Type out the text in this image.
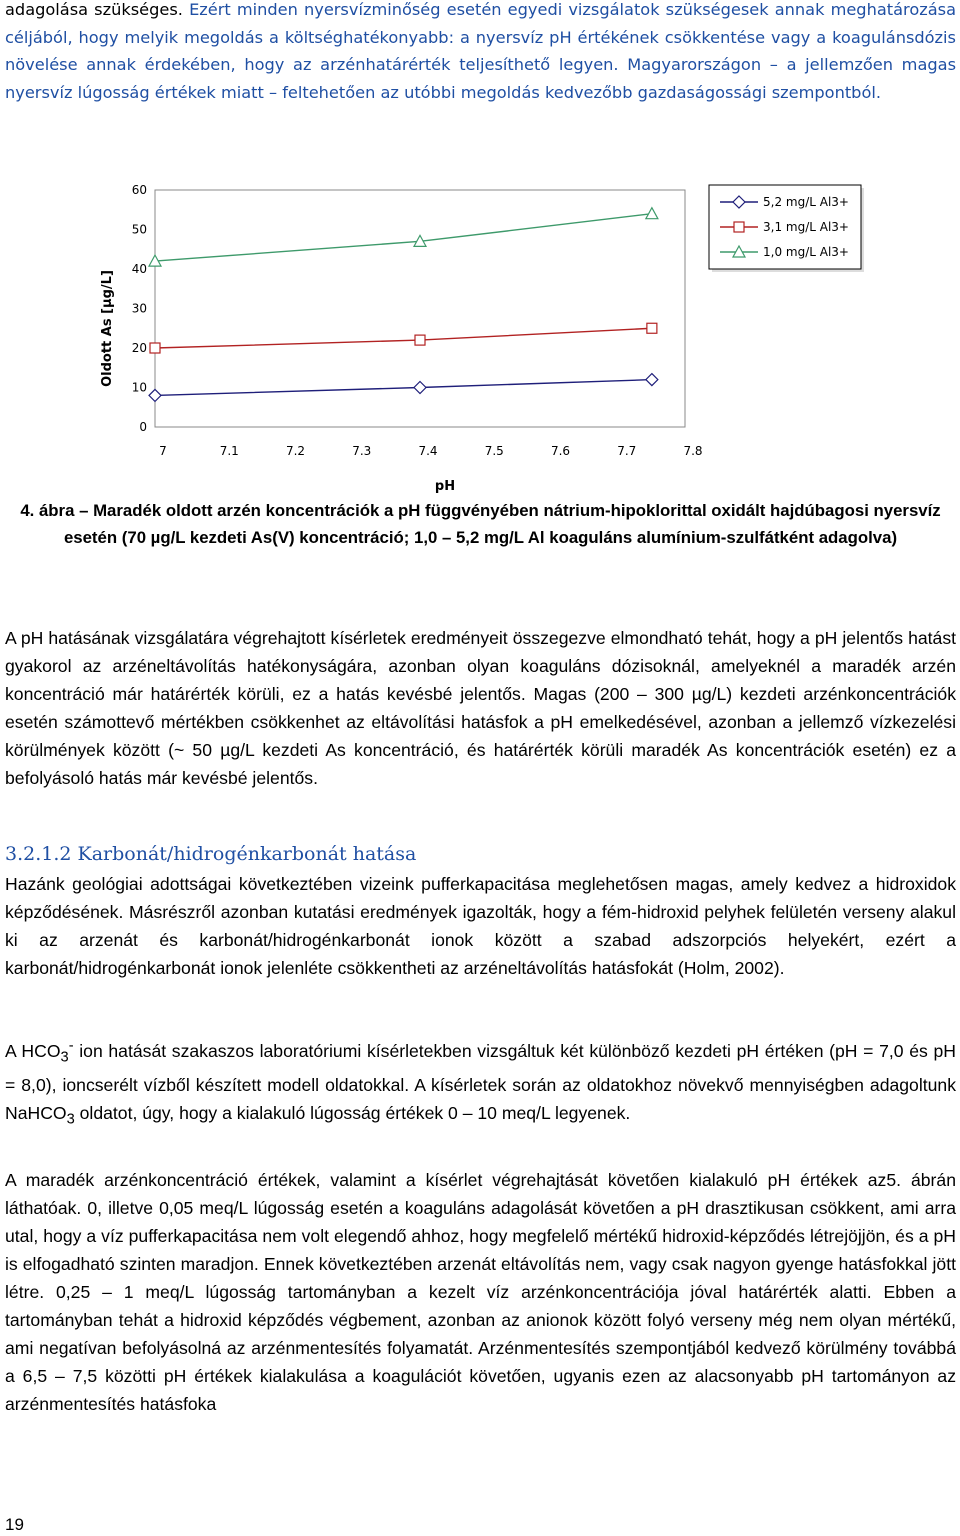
adagolása szükséges. Ezért minden nyersvízminőség esetén egyedi vizsgálatok szükségesek annak meghatározása céljából, hogy melyik megoldás a költséghatékonyabb: a nyersvíz pH értékének csökkentése vagy a koagulánsdózis növelése annak érdekében, hogy az arzénhatárérték teljesíthető legyen. Magyarországon – a jellemzően magas nyersvíz lúgosság értékek miatt – feltehetően az utóbbi megoldás kedvezőbb gazdaságossági szempontból.

0
10
20
30
40
50
60
7	7.1	7.2	7.3	7.4	7.5	7.6	7.7	7.8
pH
Oldott As [µg/L]
5,2 mg/L Al3+
3,1 mg/L Al3+
1,0 mg/L Al3+

4. ábra – Maradék oldott arzén koncentrációk a pH függvényében nátrium-hipoklorittal oxidált hajdúbagosi nyersvíz esetén (70 µg/L kezdeti As(V) koncentráció; 1,0 – 5,2 mg/L Al koaguláns alumínium-szulfátként adagolva)

A pH hatásának vizsgálatára végrehajtott kísérletek eredményeit összegezve elmondható tehát, hogy a pH jelentős hatást gyakorol az arzéneltávolítás hatékonyságára, azonban olyan koaguláns dózisoknál, amelyeknél a maradék arzén koncentráció már határérték körüli, ez a hatás kevésbé jelentős. Magas (200 – 300 µg/L) kezdeti arzénkoncentrációk esetén számottevő mértékben csökkenhet az eltávolítási hatásfok a pH emelkedésével, azonban a jellemző vízkezelési körülmények között (~ 50 µg/L kezdeti As koncentráció, és határérték körüli maradék As koncentrációk esetén) ez a befolyásoló hatás már kevésbé jelentős.

3.2.1.2 Karbonát/hidrogénkarbonát hatása

Hazánk geológiai adottságai következtében vizeink pufferkapacitása meglehetősen magas, amely kedvez a hidroxidok képződésének. Másrészről azonban kutatási eredmények igazolták, hogy a fém-hidroxid pelyhek felületén verseny alakul ki az arzenát és karbonát/hidrogénkarbonát ionok között a szabad adszorpciós helyekért, ezért a karbonát/hidrogénkarbonát ionok jelenléte csökkentheti az arzéneltávolítás hatásfokát (Holm, 2002).

A $HCO_3^-$ ion hatását szakaszos laboratóriumi kísérletekben vizsgáltuk két különböző kezdeti pH értéken (pH = 7,0 és pH = 8,0), ioncserélt vízből készített modell oldatokkal. A kísérletek során az oldatokhoz növekvő mennyiségben adagoltunk NaHCO$_3$ oldatot, úgy, hogy a kialakuló lúgosság értékek 0 – 10 meq/L legyenek.

A maradék arzénkoncentráció értékek, valamint a kísérlet végrehajtását követően kialakuló pH értékek az5. ábrán láthatóak. 0, illetve 0,05 meq/L lúgosság esetén a koaguláns adagolását követően a pH drasztikusan csökkent, ami arra utal, hogy a víz pufferkapacitása nem volt elegendő ahhoz, hogy megfelelő mértékű hidroxid-képződés létrejöjjön, és a pH is elfogadható szinten maradjon. Ennek következtében arzenát eltávolítás nem, vagy csak nagyon gyenge hatásfokkal jött létre. 0,25 – 1 meq/L lúgosság tartományban a kezelt víz arzénkoncentrációja jóval határérték alatti. Ebben a tartományban tehát a hidroxid képződés végbement, azonban az anionok között folyó verseny még nem olyan mértékű, ami negatívan befolyásolná az arzénmentesítés folyamatát. Arzénmentesítés szempontjából kedvező körülmény továbbá a 6,5 – 7,5 közötti pH értékek kialakulása a koagulációt követően, ugyanis ezen az alacsonyabb pH tartományon az arzénmentesítés hatásfoka

19
